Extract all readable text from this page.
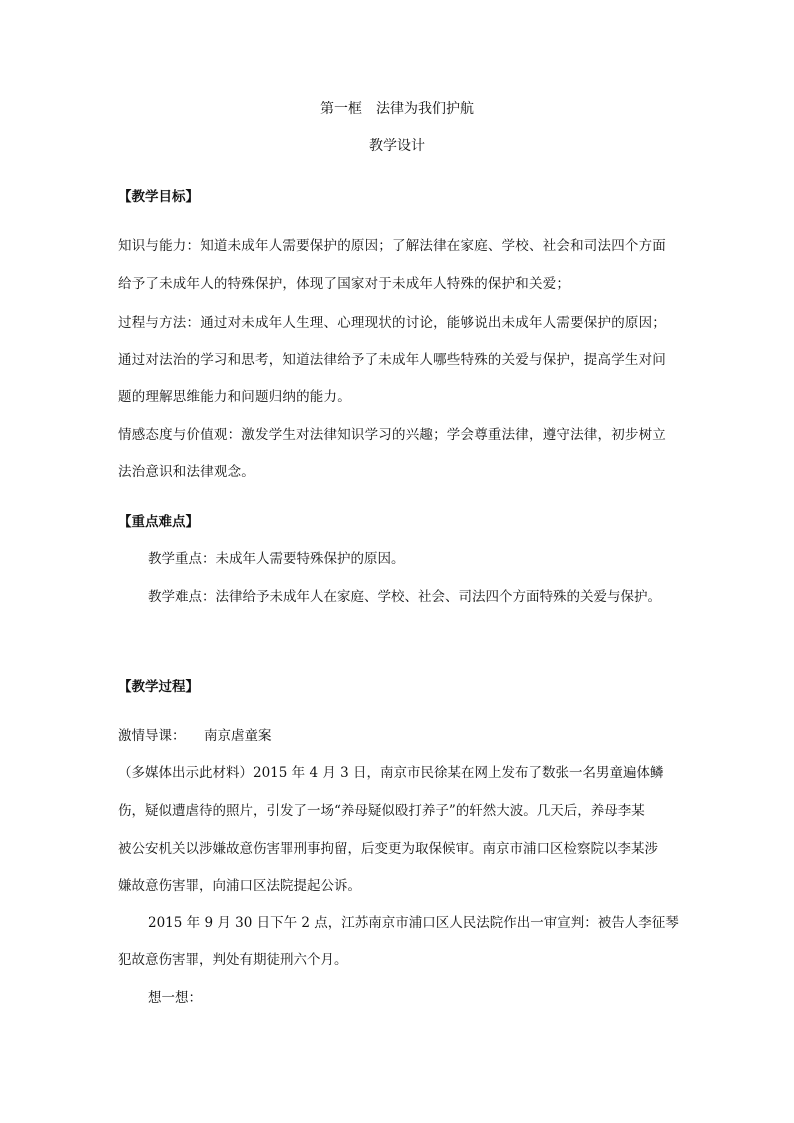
第一框　法律为我们护航
教学设计
【教学目标】
知识与能力：知道未成年人需要保护的原因；了解法律在家庭、学校、社会和司法四个方面
给予了未成年人的特殊保护，体现了国家对于未成年人特殊的保护和关爱；
过程与方法：通过对未成年人生理、心理现状的讨论，能够说出未成年人需要保护的原因；
通过对法治的学习和思考，知道法律给予了未成年人哪些特殊的关爱与保护，提高学生对问
题的理解思维能力和问题归纳的能力。
情感态度与价值观：激发学生对法律知识学习的兴趣；学会尊重法律，遵守法律，初步树立
法治意识和法律观念。
【重点难点】
教学重点：未成年人需要特殊保护的原因。
教学难点：法律给予未成年人在家庭、学校、社会、司法四个方面特殊的关爱与保护。
【教学过程】
激情导课： 南京虐童案
（多媒体出示此材料）2015 年 4 月 3 日，南京市民徐某在网上发布了数张一名男童遍体鳞
伤，疑似遭虐待的照片，引发了一场“养母疑似殴打养子”的轩然大波。几天后，养母李某
被公安机关以涉嫌故意伤害罪刑事拘留，后变更为取保候审。南京市浦口区检察院以李某涉
嫌故意伤害罪，向浦口区法院提起公诉。
2015 年 9 月 30 日下午 2 点，江苏南京市浦口区人民法院作出一审宣判：被告人李征琴
犯故意伤害罪，判处有期徒刑六个月。
想一想：
